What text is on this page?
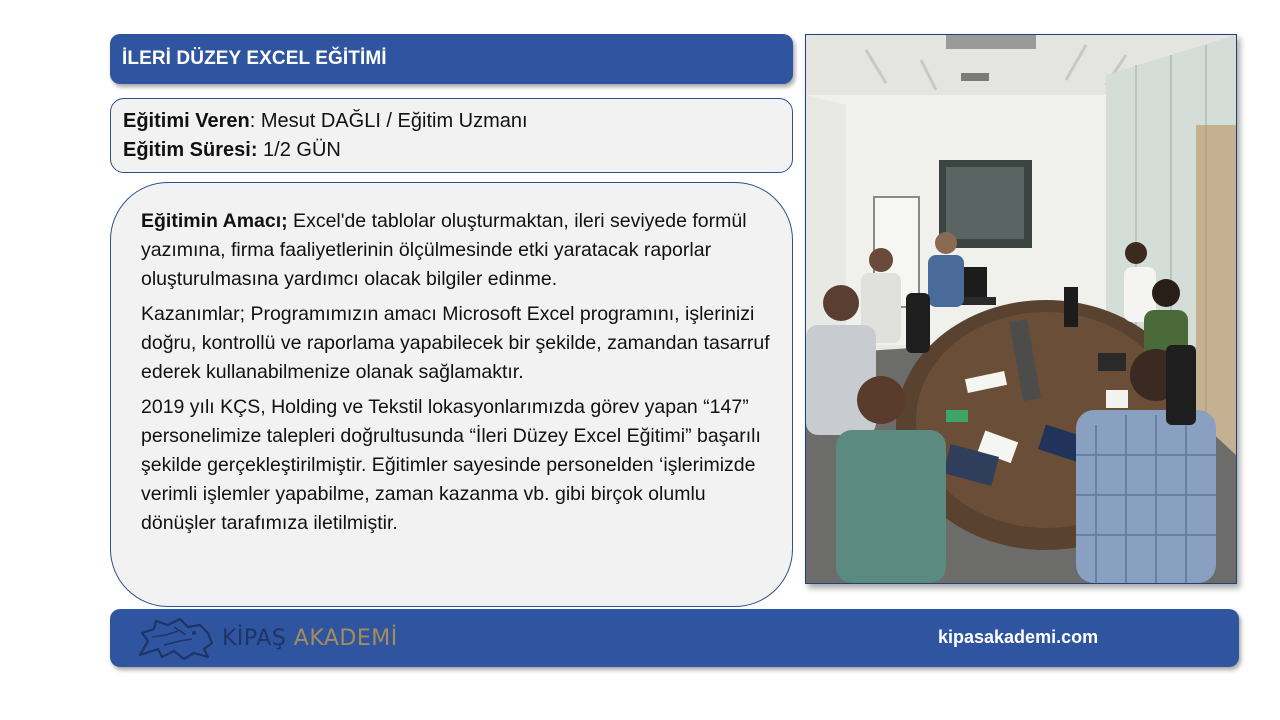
İLERİ DÜZEY EXCEL EĞİTİMİ
Eğitimi Veren: Mesut DAĞLI / Eğitim Uzmanı
Eğitim Süresi: 1/2 GÜN

Eğitimin Amacı; Excel'de tablolar oluşturmaktan, ileri seviyede formül yazımına, firma faaliyetlerinin ölçülmesinde etki yaratacak raporlar oluşturulmasına yardımcı olacak bilgiler edinme.

Kazanımlar; Programımızın amacı Microsoft Excel programını, işlerinizi doğru, kontrollü ve raporlama yapabilecek bir şekilde, zamandan tasarruf ederek kullanabilmenize olanak sağlamaktır.

2019 yılı KÇS, Holding ve Tekstil lokasyonlarımızda görev yapan “147” personelimize talepleri doğrultusunda “İleri Düzey Excel Eğitimi” başarılı şekilde gerçekleştirilmiştir. Eğitimler sayesinde personelden ‘işlerimizde verimli işlemler yapabilme, zaman kazanma vb. gibi birçok olumlu dönüşler tarafımıza iletilmiştir.

KİPAŞ AKADEMİ	kipasakademi.com
